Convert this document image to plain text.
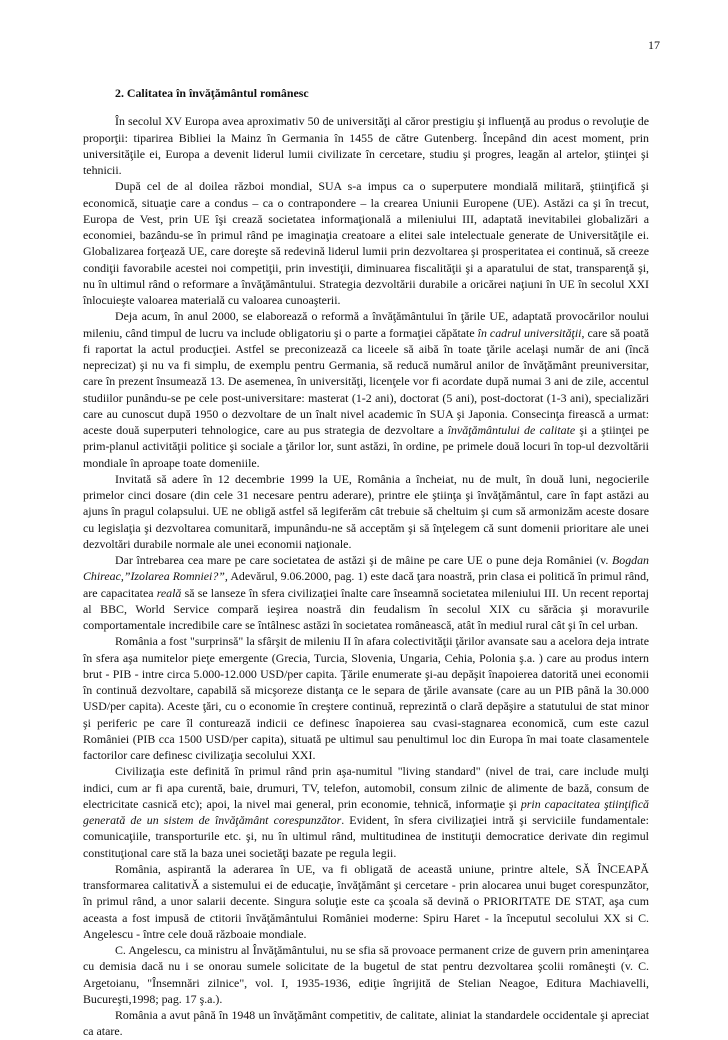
17
2. Calitatea în învăţământul românesc

În secolul XV Europa avea aproximativ 50 de universităţi al căror prestigiu şi influenţă au produs o revoluţie de proporţii: tiparirea Bibliei la Mainz în Germania în 1455 de către Gutenberg. Începând din acest moment, prin universităţile ei, Europa a devenit liderul lumii civilizate în cercetare, studiu şi progres, leagăn al artelor, ştiinţei şi tehnicii.

După cel de al doilea război mondial, SUA s-a impus ca o superputere mondială militară, ştiinţifică şi economică, situaţie care a condus – ca o contrapondere – la crearea Uniunii Europene (UE). Astăzi ca şi în trecut, Europa de Vest, prin UE îşi crează societatea informaţională a mileniului III, adaptată inevitabilei globalizări a economiei, bazându-se în primul rând pe imaginaţia creatoare a elitei sale intelectuale generate de Universităţile ei. Globalizarea forţează UE, care doreşte să redevină liderul lumii prin dezvoltarea şi prosperitatea ei continuă, să creeze condiţii favorabile acestei noi competiţii, prin investiţii, diminuarea fiscalităţii şi a aparatului de stat, transparenţă şi, nu în ultimul rând o reformare a învăţământului. Strategia dezvoltării durabile a oricărei naţiuni în UE în secolul XXI înlocuieşte valoarea materială cu valoarea cunoaşterii.

Deja acum, în anul 2000, se elaborează o reformă a învăţământului în ţările UE, adaptată provocărilor noului mileniu, când timpul de lucru va include obligatoriu şi o parte a formaţiei căpătate în cadrul universităţii, care să poată fi raportat la actul producţiei. Astfel se preconizează ca liceele să aibă în toate ţările acelaşi număr de ani (încă neprecizat) şi nu va fi simplu, de exemplu pentru Germania, să reducă numărul anilor de învăţământ preuniversitar, care în prezent însumează 13. De asemenea, în universităţi, licenţele vor fi acordate după numai 3 ani de zile, accentul studiilor punându-se pe cele post-universitare: masterat (1-2 ani), doctorat (5 ani), post-doctorat (1-3 ani), specializări care au cunoscut după 1950 o dezvoltare de un înalt nivel academic în SUA şi Japonia. Consecinţa firească a urmat: aceste două superputeri tehnologice, care au pus strategia de dezvoltare a învăţământului de calitate şi a ştiinţei pe prim-planul activităţii politice şi sociale a ţărilor lor, sunt astăzi, în ordine, pe primele două locuri în top-ul dezvoltării mondiale în aproape toate domeniile.

Invitată să adere în 12 decembrie 1999 la UE, România a încheiat, nu de mult, în două luni, negocierile primelor cinci dosare (din cele 31 necesare pentru aderare), printre ele ştiinţa şi învăţământul, care în fapt astăzi au ajuns în pragul colapsului. UE ne obligă astfel să legiferăm cât trebuie să cheltuim şi cum să armonizăm aceste dosare cu legislaţia şi dezvoltarea comunitară, impunându-ne să acceptăm şi să înţelegem că sunt domenii prioritare ale unei dezvoltări durabile normale ale unei economii naţionale.

Dar întrebarea cea mare pe care societatea de astăzi şi de mâine pe care UE o pune deja României (v. Bogdan Chireac,”Izolarea Romniei?”, Adevărul, 9.06.2000, pag. 1) este dacă ţara noastră, prin clasa ei politică în primul rând, are capacitatea reală să se lanseze în sfera civilizaţiei înalte care înseamnă societatea mileniului III. Un recent reportaj al BBC, World Service compară ieşirea noastră din feudalism în secolul XIX cu sărăcia şi moravurile comportamentale incredibile care se întâlnesc astăzi în societatea românească, atât în mediul rural cât şi în cel urban.

România a fost "surprinsă" la sfârşit de mileniu II în afara colectivităţii ţărilor avansate sau a acelora deja intrate în sfera aşa numitelor pieţe emergente (Grecia, Turcia, Slovenia, Ungaria, Cehia, Polonia ş.a. ) care au produs intern brut - PIB - intre circa 5.000-12.000 USD/per capita. Ţările enumerate şi-au depăşit înapoierea datorită unei economii în continuă dezvoltare, capabilă să micşoreze distanţa ce le separa de ţările avansate (care au un PIB până la 30.000 USD/per capita). Aceste ţări, cu o economie în creştere continuă, reprezintă o clară depăşire a statutului de stat minor şi periferic pe care îl conturează indicii ce definesc înapoierea sau cvasi-stagnarea economică, cum este cazul României (PIB cca 1500 USD/per capita), situată pe ultimul sau penultimul loc din Europa în mai toate clasamentele factorilor care definesc civilizaţia secolului XXI.

Civilizaţia este definită în primul rând prin aşa-numitul "living standard" (nivel de trai, care include mulţi indici, cum ar fi apa curentă, baie, drumuri, TV, telefon, automobil, consum zilnic de alimente de bază, consum de electricitate casnică etc); apoi, la nivel mai general, prin economie, tehnică, informaţie şi prin capacitatea ştiinţifică generată de un sistem de învăţământ corespunzător. Evident, în sfera civilizaţiei intră şi serviciile fundamentale: comunicaţiile, transporturile etc. şi, nu în ultimul rând, multitudinea de instituţii democratice derivate din regimul constituţional care stă la baza unei societăţi bazate pe regula legii.

România, aspirantă la aderarea în UE, va fi obligată de această uniune, printre altele, SĂ ÎNCEAPĂ transformarea calitativĂ a sistemului ei de educaţie, învăţământ şi cercetare - prin alocarea unui buget corespunzător, în primul rând, a unor salarii decente. Singura soluţie este ca şcoala să devină o PRIORITATE DE STAT, aşa cum aceasta a fost impusă de ctitorii învăţământului României moderne: Spiru Haret - la începutul secolului XX si C. Angelescu - între cele două războaie mondiale.

C. Angelescu, ca ministru al Învăţământului, nu se sfia să provoace permanent crize de guvern prin ameninţarea cu demisia dacă nu i se onorau sumele solicitate de la bugetul de stat pentru dezvoltarea şcolii româneşti (v. C. Argetoianu, "Însemnări zilnice", vol. I, 1935-1936, ediţie îngrijită de Stelian Neagoe, Editura Machiavelli, Bucureşti,1998; pag. 17 ş.a.).

România a avut până în 1948 un învăţământ competitiv, de calitate, aliniat la standardele occidentale şi apreciat ca atare.
